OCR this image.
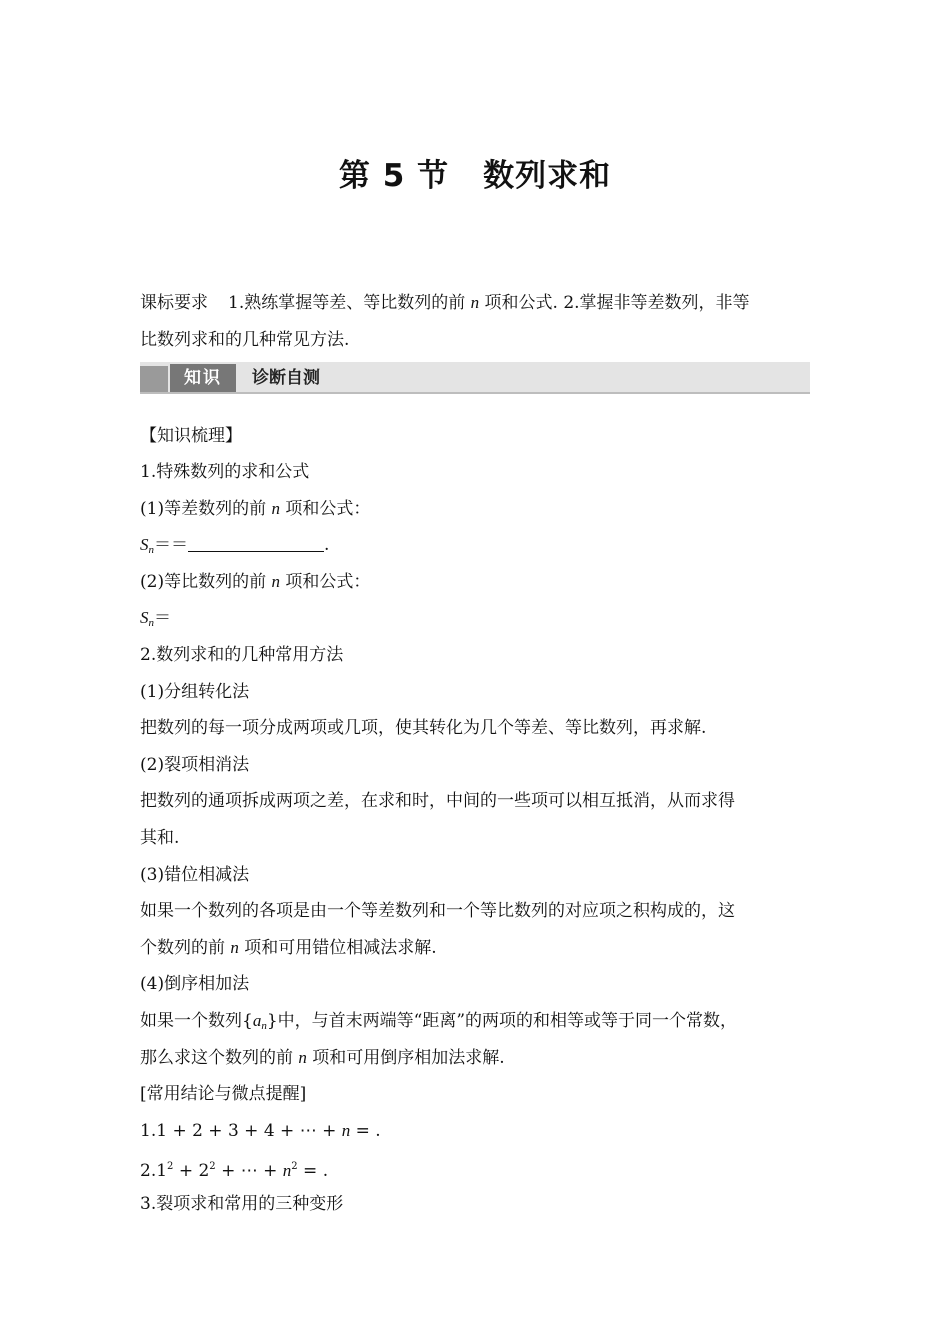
第 5 节 数列求和
课标要求 1.熟练掌握等差、等比数列的前 n 项和公式. 2.掌握非等差数列，非等
比数列求和的几种常见方法.
知识	诊断自测
【知识梳理】
1.特殊数列的求和公式
(1)等差数列的前 n 项和公式：
$S_n==$	.
(2)等比数列的前 n 项和公式：
$S_n=$
2.数列求和的几种常用方法
(1)分组转化法
把数列的每一项分成两项或几项，使其转化为几个等差、等比数列，再求解.
(2)裂项相消法
把数列的通项拆成两项之差，在求和时，中间的一些项可以相互抵消，从而求得
其和.
(3)错位相减法
如果一个数列的各项是由一个等差数列和一个等比数列的对应项之积构成的，这
个数列的前 n 项和可用错位相减法求解.
(4)倒序相加法
如果一个数列$\{a_n\}$中，与首末两端等“距离”的两项的和相等或等于同一个常数，
那么求这个数列的前 n 项和可用倒序相加法求解.
[常用结论与微点提醒]
1.1 + 2 + 3 + 4 + ⋯ + n = .
$2.1^2 + 2^2$ + ⋯ + $n^2$ = .
3.裂项求和常用的三种变形
